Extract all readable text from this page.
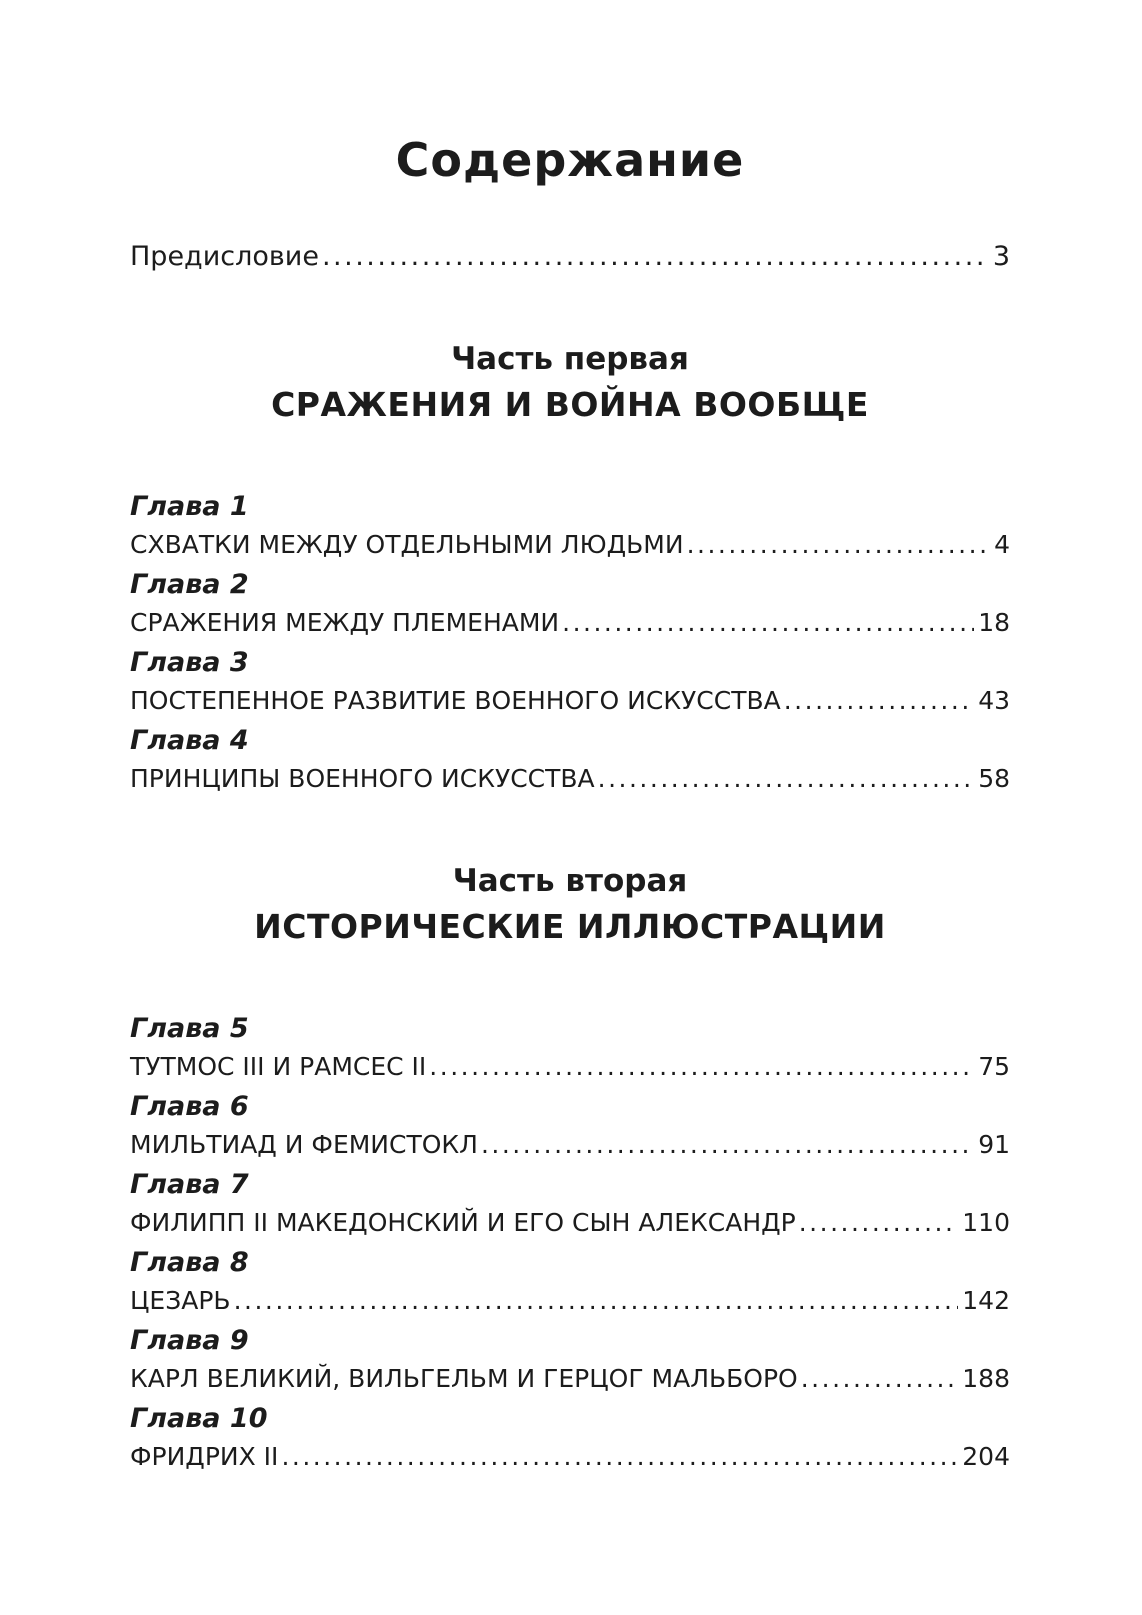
Содержание
Предисловие .....	3
Часть первая
СРАЖЕНИЯ И ВОЙНА ВООБЩЕ
Глава 1
СХВАТКИ МЕЖДУ ОТДЕЛЬНЫМИ ЛЮДЬМИ .....	4
Глава 2
СРАЖЕНИЯ МЕЖДУ ПЛЕМЕНАМИ .....	18
Глава 3
ПОСТЕПЕННОЕ РАЗВИТИЕ ВОЕННОГО ИСКУССТВА .....	43
Глава 4
ПРИНЦИПЫ ВОЕННОГО ИСКУССТВА .....	58
Часть вторая
ИСТОРИЧЕСКИЕ ИЛЛЮСТРАЦИИ
Глава 5
ТУТМОС III И РАМСЕС II .....	75
Глава 6
МИЛЬТИАД И ФЕМИСТОКЛ .....	91
Глава 7
ФИЛИПП II МАКЕДОНСКИЙ И ЕГО СЫН АЛЕКСАНДР .....	110
Глава 8
ЦЕЗАРЬ .....	142
Глава 9
КАРЛ ВЕЛИКИЙ, ВИЛЬГЕЛЬМ И ГЕРЦОГ МАЛЬБОРО .....	188
Глава 10
ФРИДРИХ II .....	204
